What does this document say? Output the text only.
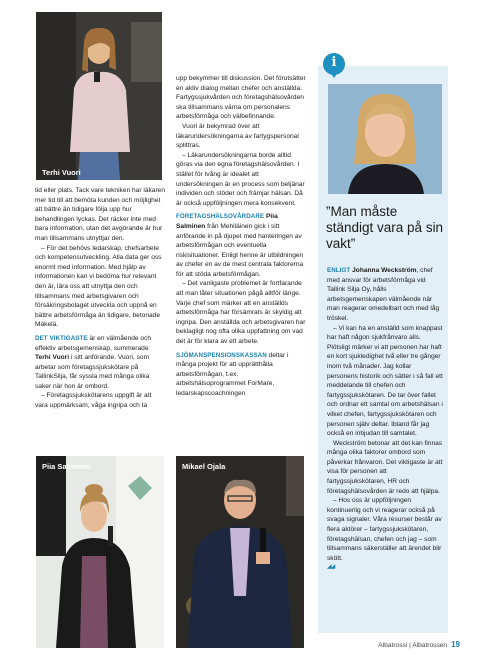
Terhi Vuori

tid eller plats. Tack vare tekniken har läkaren mer tid till att bemöta kunden och möjlighet att bättre än tidigare följa upp hur behandlingen lyckas. Det räcker inte med bara information, utan det avgörande är hur man tillsammans utnyttjar den.

– För det behövs ledarskap, chefsarbete och kompetensutveckling. Alla data ger oss enormt med information. Med hjälp av informationen kan vi bedöma hur relevant den är, lära oss att utnyttja den och tillsammans med arbetsgivaren och försäkringsbolaget utveckla och uppnå en bättre arbetsförmåga än tidigare, betonade Mäkelä.

DET VIKTIGASTE är en välmående och effektiv arbetsgemenskap, summerade Terhi Vuori i sitt anförande. Vuori, som arbetar som företagssjukskötare på TallinkSilja, får syssla med många olika saker när hon är ombord.

– Företagssjukskötarens uppgift är att vara uppmärksam, våga ingripa och ta

upp bekymmer till diskussion. Det förutsätter en aktiv dialog mellan chefer och anställda. Fartygssjukvården och företagshälsovården ska tillsammans värna om personalens arbetsförmåga och välbefinnande.

Vuori är bekymrad över att läkarundersökningarna av fartygspersonal splittras.

– Läkarundersökningarna borde alltid göras via den egna företagshälsovården. I stället för tvång är idealet att undersökningen är en process som betjänar individen och stöder och främjar hälsan. Då är också uppföljningen mera konsekvent.

FÖRETAGSHÄLSOVÅRDARE Piia Salminen från Mehiläinen gick i sitt anförande in på djupet med hanteringen av arbetsförmågan och eventuella riskisituationer. Enligt henne är utbildningen av chefer en av de mest centrala faktorerna för att stöda arbetsförmågan.

– Det vanligaste problemet är fortfarande att man låter situationen pågå alltför länge. Varje chef som märker att en anställds arbetsförmåga har försämrats är skyldig att ingripa. Den anställda och arbetsgivaren har beklagligt nog ofta olika uppfattning om vad det är för klara av ett arbete.

SJÖMANSPENSIONSKASSAN deltar i många projekt för att upprätthålla arbetsförmågan, t.ex. arbetshälsoprogrammet ForMare, ledarskapscoachningen

Piia Salminen	Mikael Ojala
i
”Man måste ständigt vara på sin vakt”

ENLIGT Johanna Weckström, chef med ansvar för arbetsförmåga vid Tallink Silja Oy, hålls arbetsgemenskapen välmående när man reagerar omedelbart och med låg tröskel.

– Vi kan ha en anställd som knappast har haft någon sjukfrånvaro alls. Plötsligt märker vi att personen har haft en kort sjukledighet två eller tre gånger inom två månader. Jag kollar personens historik och sätter i så fall ett meddelande till chefen och fartygssjukskötaren. De tar över fallet och ordnar ett samtal om arbetshälsan i vilket chefen, fartygssjukskötaren och personen själv deltar. Ibland får jag också en inbjudan till samtalet.

Weckström betonar att det kan finnas många olika faktorer ombord som påverkar frånvaron. Det viktigaste är att visa för personen att fartygssjukskötaren, HR och företagshälsovården är redo att hjälpa.

– Hos oss är uppföljningen kontinuerlig och vi reagerar också på svaga signaler. Våra resurser består av flera aktörer – fartygssjukskötaren, företagshälsan, chefen och jag – som tillsammans säkerställer att ärendet blir skött.

◢◢

Albatrossi | Albatrossen 19
